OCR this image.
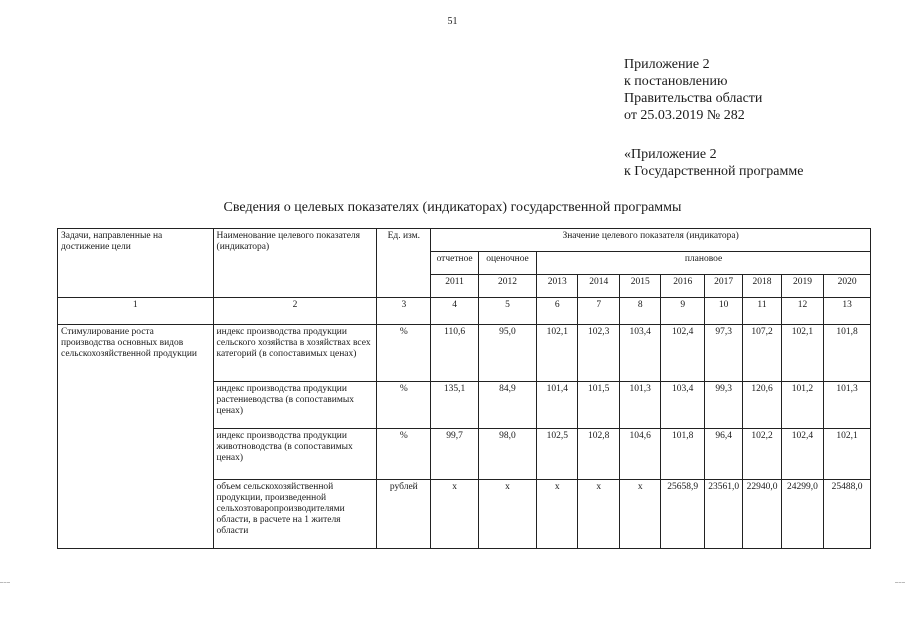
51
Приложение 2
к постановлению
Правительства области
от 25.03.2019 № 282
«Приложение 2
к Государственной программе
Сведения о целевых показателях (индикаторах) государственной программы
Задачи, направленные на достижение цели	Наименование целевого показателя (индикатора)	Ед. изм.	Значение целевого показателя (индикатора)									
			отчетное	оценочное	плановое							
			2011	2012	2013	2014	2015	2016	2017	2018	2019	2020
1	2	3	4	5	6	7	8	9	10	11	12	13
Стимулирование роста производства основных видов сельскохозяйственной продукции	индекс производства продукции сельского хозяйства в хозяйствах всех категорий (в сопоставимых ценах)	%	110,6	95,0	102,1	102,3	103,4	102,4	97,3	107,2	102,1	101,8
	индекс производства продукции растениеводства (в сопоставимых ценах)	%	135,1	84,9	101,4	101,5	101,3	103,4	99,3	120,6	101,2	101,3
	индекс производства продукции животноводства (в сопоставимых ценах)	%	99,7	98,0	102,5	102,8	104,6	101,8	96,4	102,2	102,4	102,1
	объем сельскохозяйственной продукции, произведенной сельхозтоваропроизводителями области, в расчете на 1 жителя области	рублей	x	x	x	x	x	25658,9	23561,0	22940,0	24299,0	25488,0
